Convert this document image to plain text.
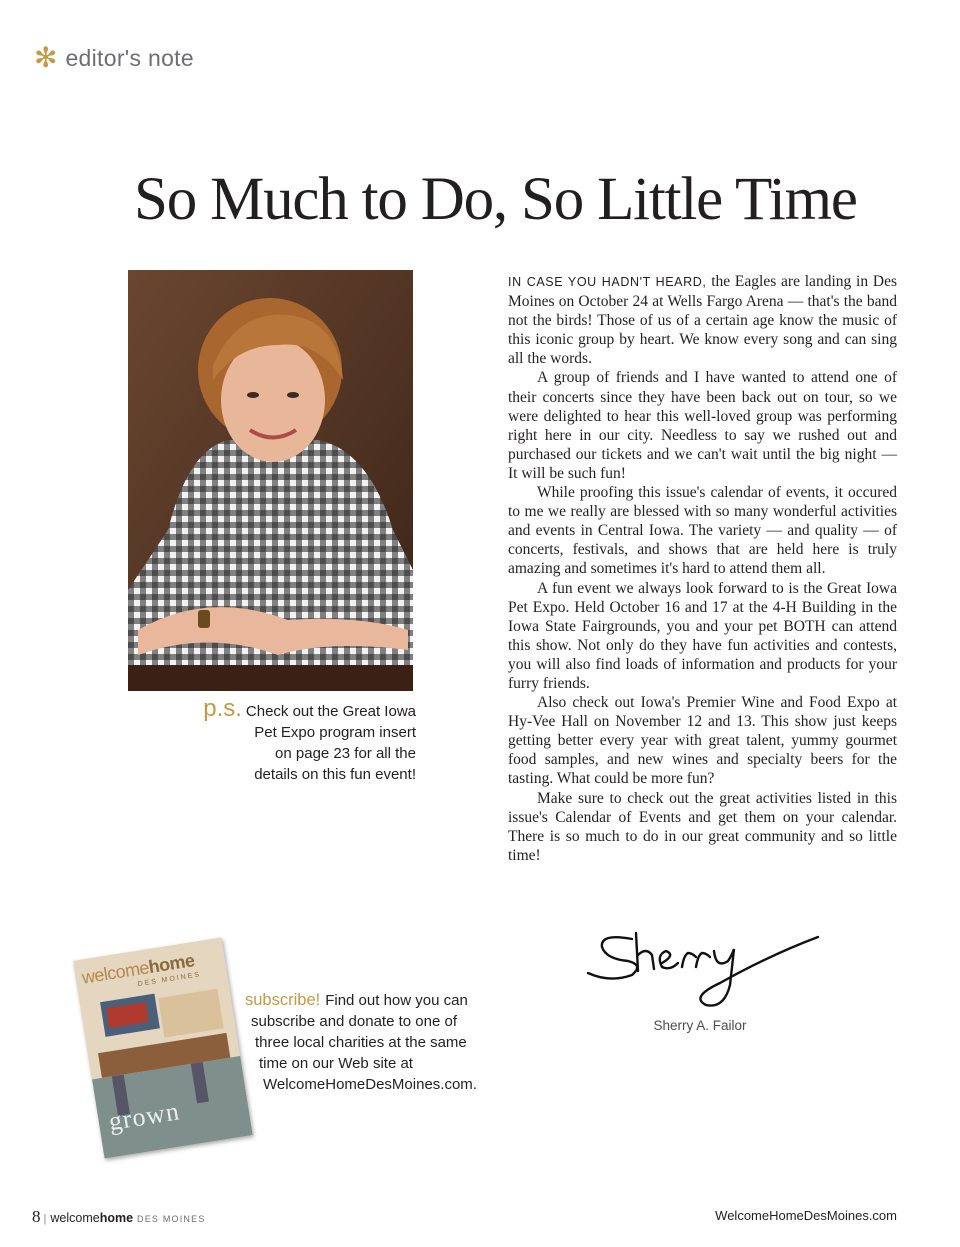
✻ editor's note
So Much to Do, So Little Time
p.s. Check out the Great Iowa
Pet Expo program insert
on page 23 for all the
details on this fun event!

IN CASE YOU HADN'T HEARD, the Eagles are landing in Des Moines on October 24 at Wells Fargo Arena — that's the band not the birds! Those of us of a certain age know the music of this iconic group by heart. We know every song and can sing all the words.

A group of friends and I have wanted to attend one of their concerts since they have been back out on tour, so we were delighted to hear this well-loved group was performing right here in our city. Needless to say we rushed out and purchased our tickets and we can't wait until the big night — It will be such fun!

While proofing this issue's calendar of events, it occured to me we really are blessed with so many wonderful activities and events in Central Iowa. The variety — and quality — of concerts, festivals, and shows that are held here is truly amazing and sometimes it's hard to attend them all.

A fun event we always look forward to is the Great Iowa Pet Expo. Held October 16 and 17 at the 4-H Building in the Iowa State Fairgrounds, you and your pet BOTH can attend this show. Not only do they have fun activities and contests, you will also find loads of information and products for your furry friends.

Also check out Iowa's Premier Wine and Food Expo at Hy-Vee Hall on November 12 and 13. This show just keeps getting better every year with great talent, yummy gourmet food samples, and new wines and specialty beers for the tasting. What could be more fun?

Make sure to check out the great activities listed in this issue's Calendar of Events and get them on your calendar. There is so much to do in our great community and so little time!

Sherry A. Failor
welcomehome
DES MOINES
grown
subscribe! Find out how you can
subscribe and donate to one of
three local charities at the same
time on our Web site at
WelcomeHomeDesMoines.com.
8 | welcomehome DES MOINES	WelcomeHomeDesMoines.com
